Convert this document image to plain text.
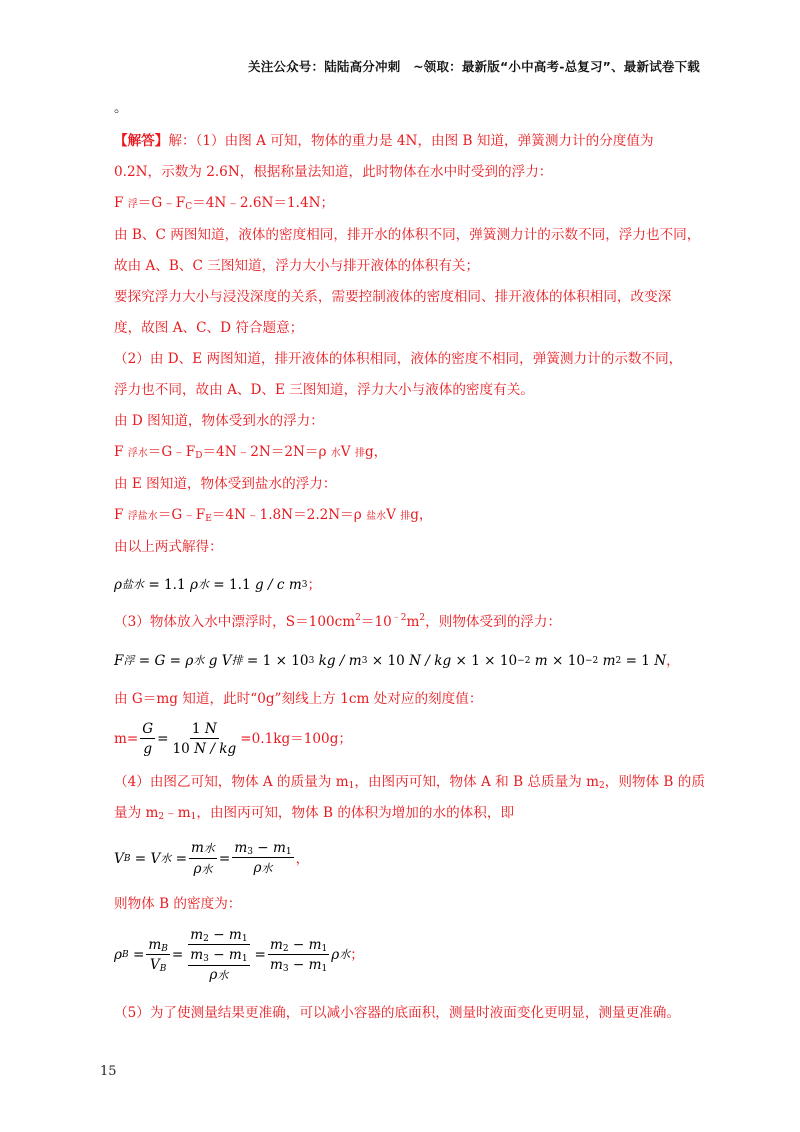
关注公众号：陆陆高分冲刺　~领取：最新版“小中高考-总复习”、最新试卷下载
。
【解答】解：（1）由图 A 可知，物体的重力是 4N，由图 B 知道，弹簧测力计的分度值为
0.2N，示数为 2.6N，根据称量法知道，此时物体在水中时受到的浮力：
F 浮$=G﹣F_C=4N﹣2.6N=1.4N$；
由 B、C 两图知道，液体的密度相同，排开水的体积不同，弹簧测力计的示数不同，浮力也不同，
故由 A、B、C 三图知道，浮力大小与排开液体的体积有关；
要探究浮力大小与浸没深度的关系，需要控制液体的密度相同、排开液体的体积相同，改变深
度，故图 A、C、D 符合题意；
（2）由 D、E 两图知道，排开液体的体积相同，液体的密度不相同，弹簧测力计的示数不同，
浮力也不同，故由 A、D、E 三图知道，浮力大小与液体的密度有关。
由 D 图知道，物体受到水的浮力：
F 浮水$=G﹣F_D=4N﹣2N=2N=\rho$ 水V 排g，
由 E 图知道，物体受到盐水的浮力：
F 浮盐水$=G﹣F_E=4N﹣1.8N=2.2N=\rho$ 盐水V 排g，
由以上两式解得：
ρ 盐水 = 1.1 ρ 水 = 1.1 g / c m 3 ；
（3）物体放入水中漂浮时，$S=100cm^2=10^{﹣2}m^2$，则物体受到的浮力：
F 浮 = G = ρ 水
g V 排 = 1 × 10 3
kg / m 3 × 10 N / kg × 1 × 10 −2
m × 10 −2
m 2 = 1 N ，
由 G＝mg 知道，此时“0g”刻线上方 1cm 处对应的刻度值：
$m= \frac{G}{g} = \frac{1 N}{10 N / kg} =0.1kg=100g$；
（4）由图乙可知，物体 A 的质量为 $m_1$，由图丙可知，物体 A 和 B 总质量为 $m_2$，则物体 B 的质
量为 $m_2﹣m_1$，由图丙可知，物体 B 的体积为增加的水的体积，即
V B = V 水 = $\frac{\text{m水}}{\text{ρ水}} = \frac{m_3 - m_1}{\text{ρ水}}$ ，
则物体 B 的密度为：
ρ $B = \frac{m_B}{V_B} = \frac{m_2 - m_1}{\frac{m_3 - m_1}{\text{ρ水}}} = \frac{m_2 - m_1}{m_3 - m_1}$ ρ 水 ；
（5）为了使测量结果更准确，可以减小容器的底面积，测量时液面变化更明显，测量更准确。
15
